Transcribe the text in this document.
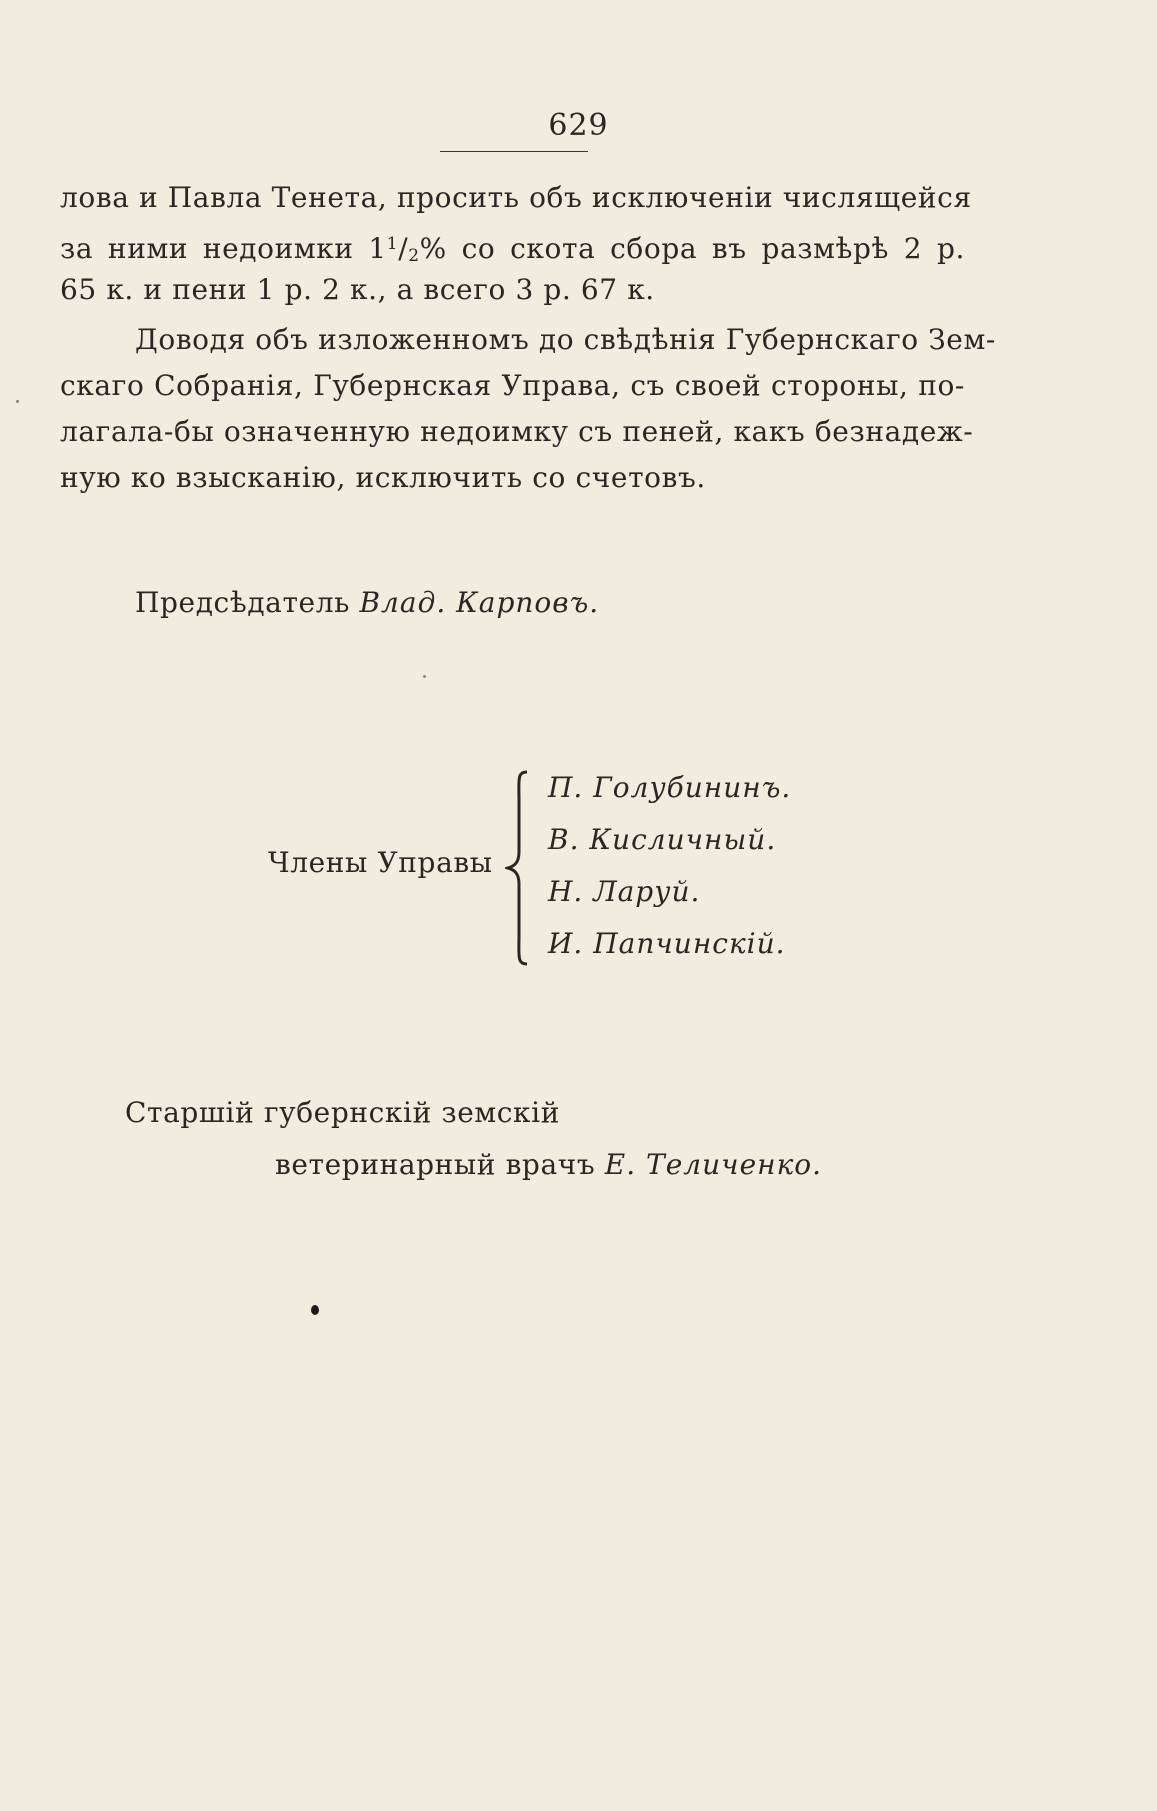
629
лова и Павла Тенета, просить объ исключеніи числящейся
за ними недоимки $1^1/2\%$ со скота сбора въ размѣрѣ 2 р.
65 к. и пени 1 р. 2 к., а всего 3 р. 67 к.
Доводя объ изложенномъ до свѣдѣнія Губернскаго Зем-
скаго Собранія, Губернская Управа, съ своей стороны, по-
лагала-бы означенную недоимку съ пеней, какъ безнадеж-
ную ко взысканію, исключить со счетовъ.
Предсѣдатель Влад. Карповъ.
Члены Управы
П. Голубининъ.
В. Кисличный.
Н. Ларуй.
И. Папчинскій.
Старшій губернскій земскій
ветеринарный врачъ Е. Теличенко.
